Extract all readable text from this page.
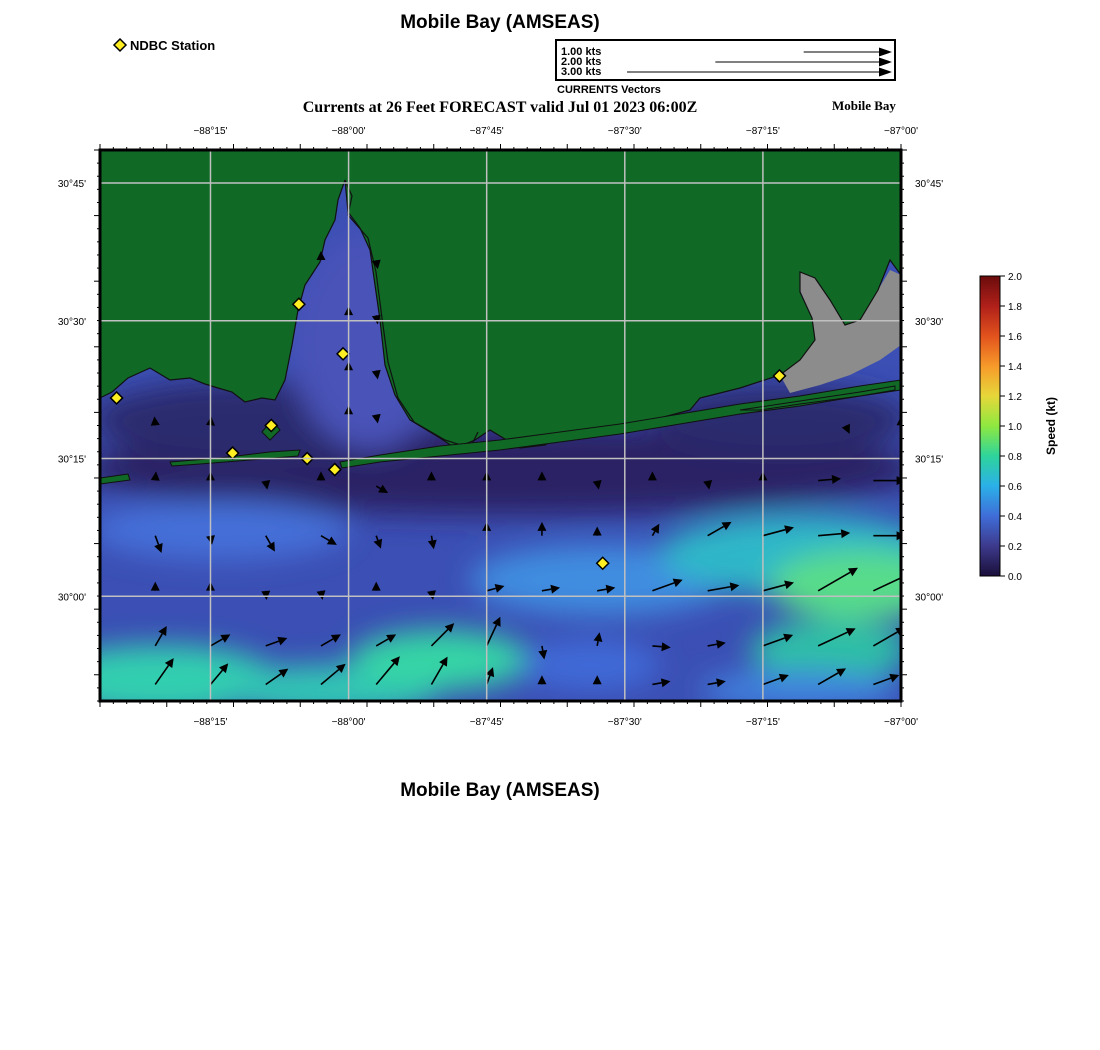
Mobile Bay (AMSEAS)
NDBC Station	1.00 kts
2.00 kts
3.00 kts
CURRENTS Vectors
Currents at 26 Feet FORECAST valid Jul 01 2023 06:00Z	Mobile Bay
−88°15'
−88°15'
−88°00'
−88°00'
−87°45'
−87°45'
−87°30'
−87°30'
−87°15'
−87°15'
−87°00'
−87°00'
30°45'	30°45'
30°30'	30°30'
30°15'	30°15'
30°00'	30°00'
2.0
1.8
1.6
1.4
1.2
1.0
0.8
0.6
0.4
0.2
0.0
Speed (kt)
Mobile Bay (AMSEAS)
